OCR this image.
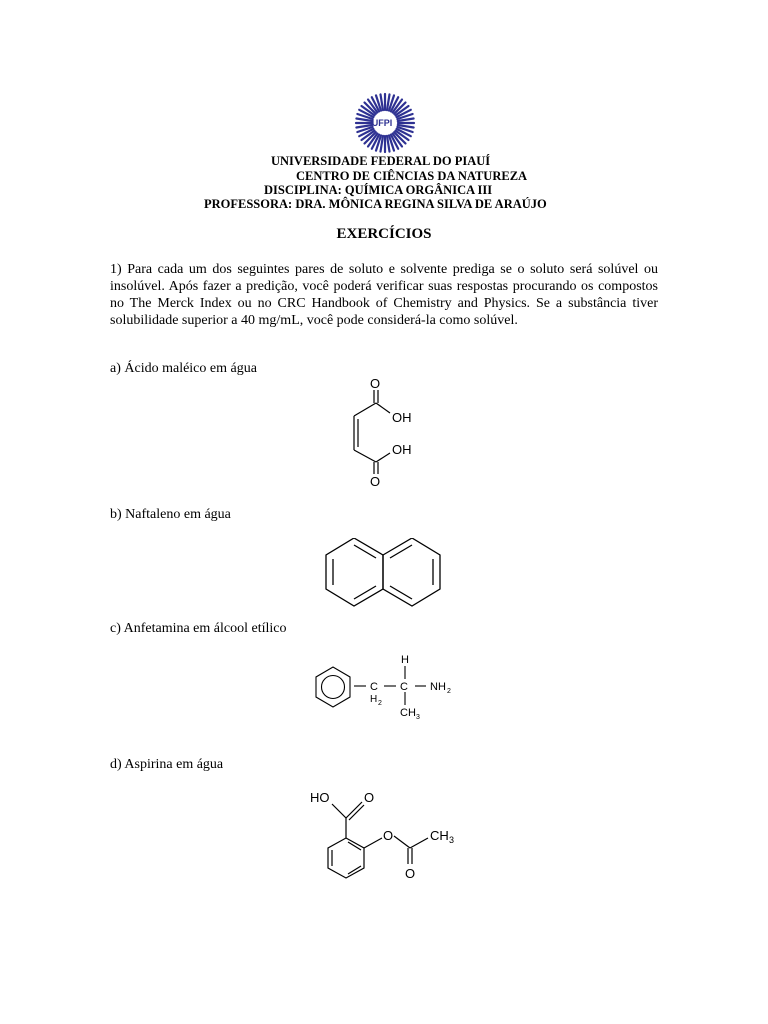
UFPI
UNIVERSIDADE FEDERAL DO PIAUÍ
CENTRO DE CIÊNCIAS DA NATUREZA
DISCIPLINA: QUÍMICA ORGÂNICA III
PROFESSORA: DRA. MÔNICA REGINA SILVA DE ARAÚJO
EXERCÍCIOS
1) Para cada um dos seguintes pares de soluto e solvente prediga se o soluto será solúvel ou insolúvel. Após fazer a predição, você poderá verificar suas respostas procurando os compostos no The Merck Index ou no CRC Handbook of Chemistry and Physics. Se a substância tiver solubilidade superior a 40 mg/mL, você pode considerá-la como solúvel.
a) Ácido maléico em água
b) Naftaleno em água
c) Anfetamina em álcool etílico
d) Aspirina em água
O
OH
OH
O
H
C
H 2
C NH 2
CH 3
HO	O
O	CH 3
O
